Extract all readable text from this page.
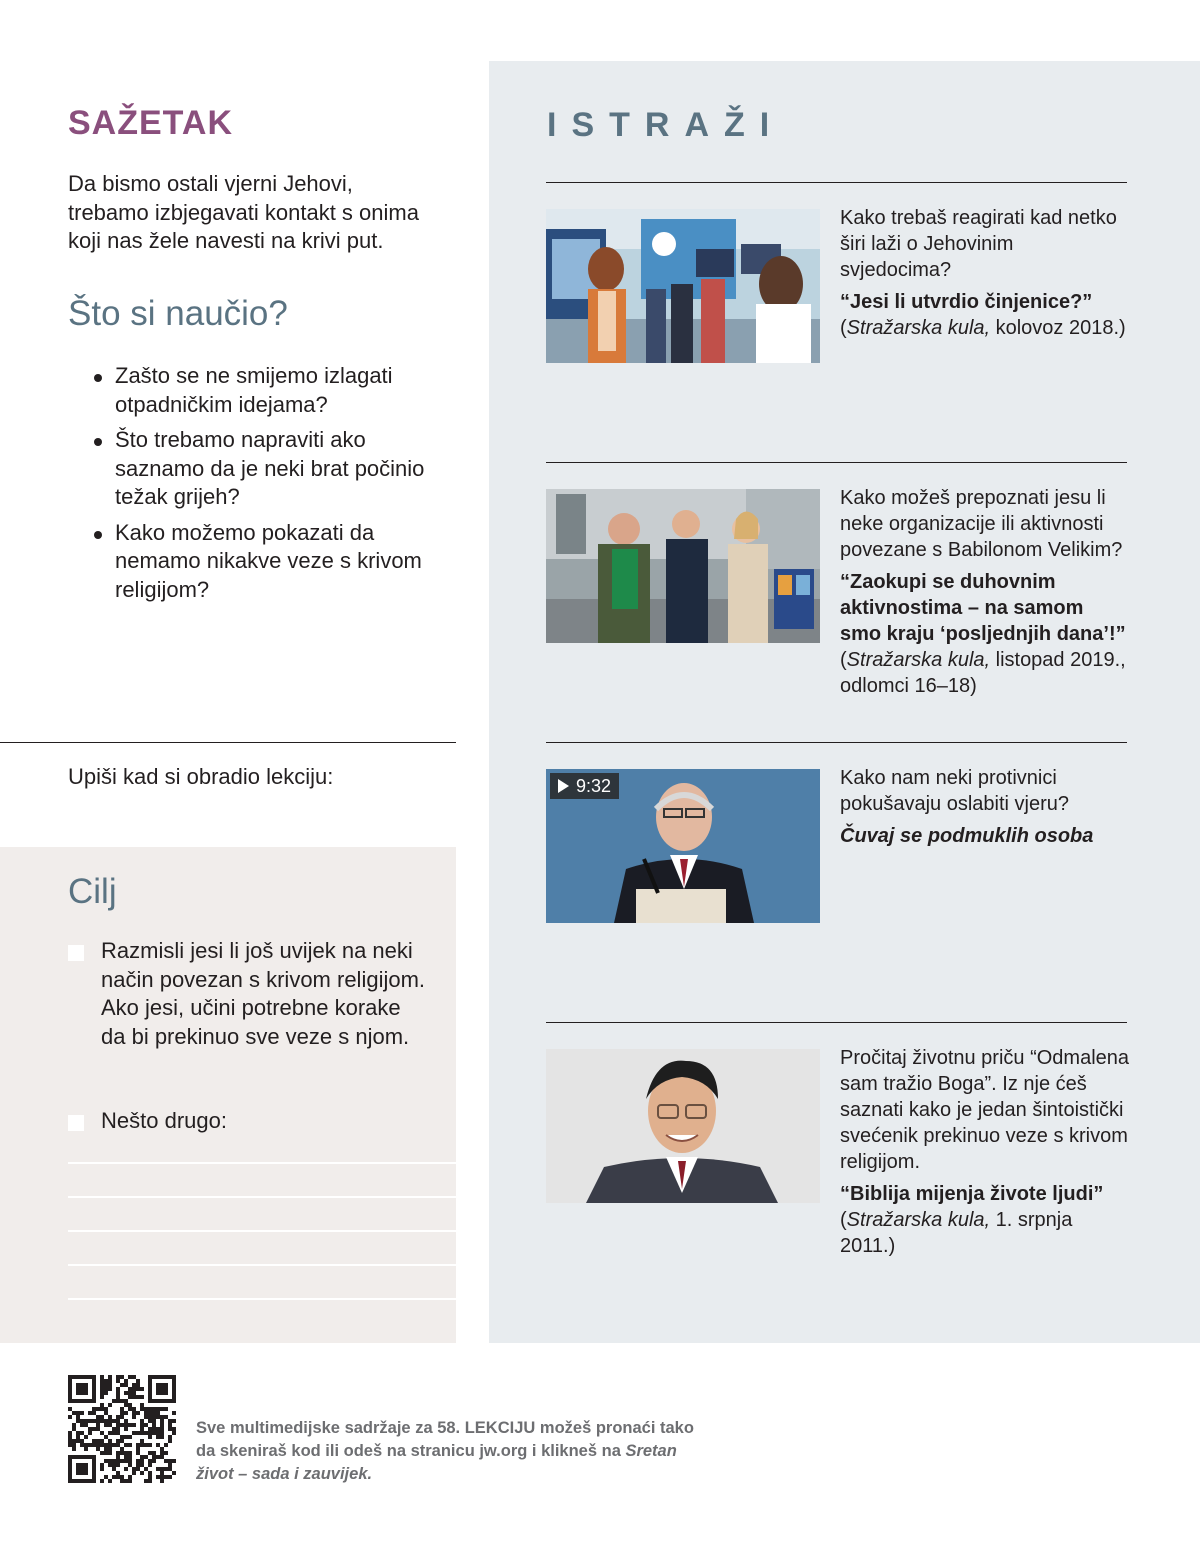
SAŽETAK

Da bismo ostali vjerni Jehovi, trebamo izbjegavati kontakt s onima koji nas žele navesti na krivi put.

Što si naučio?
Zašto se ne smijemo izlagati otpadničkim idejama?
Što trebamo napraviti ako saznamo da je neki brat počinio težak grijeh?
Kako možemo pokazati da nemamo nikakve veze s krivom religijom?

Upiši kad si obradio lekciju:

Cilj
Razmisli jesi li još uvijek na neki način povezan s krivom religijom. Ako jesi, učini potrebne korake da bi prekinuo sve veze s njom.
Nešto drugo:
ISTRAŽI
Kako trebaš reagirati kad netko širi laži o Jehovinim svjedocima?
“Jesi li utvrdio činjenice?”
(Stražarska kula, kolovoz 2018.)
Kako možeš prepoznati jesu li neke organizacije ili aktivnosti povezane s Babilonom Velikim?
“Zaokupi se duhovnim aktivnostima – na samom smo kraju ‘posljednjih dana’!”
(Stražarska kula, listopad 2019., odlomci 16–18)
9:32	Kako nam neki protivnici pokušavaju oslabiti vjeru?
Čuvaj se podmuklih osoba
Pročitaj životnu priču “Odmalena sam tražio Boga”. Iz nje ćeš saznati kako je jedan šintoistički svećenik prekinuo veze s krivom religijom.
“Biblija mijenja živote ljudi”
(Stražarska kula, 1. srpnja 2011.)

Sve multimedijske sadržaje za 58. LEKCIJU možeš pronaći tako da skeniraš kod ili odeš na stranicu jw.org i klikneš na Sretan život – sada i zauvijek.
